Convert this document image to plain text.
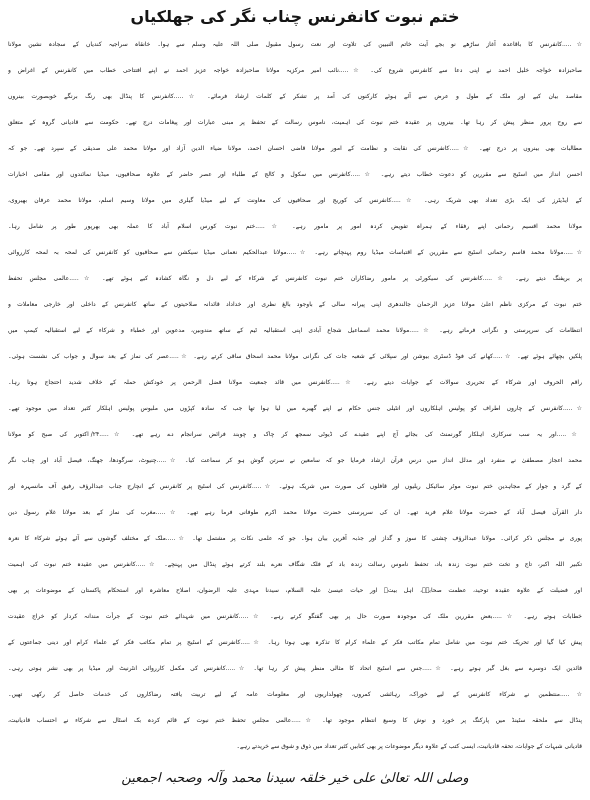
ختم نبوت کانفرنس چناب نگر کی جھلکیاں
☆.....کانفرنس کا باقاعدہ آغاز ساڑھے نو بجے آیت خاتم النبیین کی تلاوت اور نعت رسول مقبول صلی اللہ علیہ وسلم سے ہوا۔ خانقاہ سراجیہ کندیاں کے سجادہ نشین مولانا
صاحبزادہ خواجہ خلیل احمد نے اپنی دعا سے کانفرنس شروع کی۔ ☆.....نائب امیر مرکزیہ مولانا صاحبزادہ خواجہ عزیز احمد نے اپنے افتتاحی خطاب میں کانفرنس کے اغراض و
مقاصد بیان کیے اور ملک کے طول و عرض سے آئے ہوئے کارکنوں کی آمد پر تشکر کے کلمات ارشاد فرمائے۔ ☆.....کانفرنس کا پنڈال بھی رنگ برنگے خوبصورت بینروں
سے روح پرور منظر پیش کر رہا تھا۔ بینروں پر عقیدہ ختم نبوت کی اہمیت، ناموس رسالت کے تحفظ پر مبنی عبارات اور پیغامات درج تھے۔ حکومت سے قادیانی گروہ کے متعلق
مطالبات بھی بینروں پر درج تھے۔ ☆.....کانفرنس کی نقابت و نظامت کے امور مولانا قاضی احسان احمد، مولانا ضیاء الدین آزاد اور مولانا محمد علی صدیقی کے سپرد تھے۔ جو کہ
احسن انداز میں اسٹیج سے مقررین کو دعوت خطاب دیتے رہے۔ ☆.....کانفرنس میں سکول و کالج کے طلباء اور عصر حاضر کے علاوہ صحافیوں، میڈیا نمائندوں اور مقامی اخبارات
کے ایڈیٹرز کی ایک بڑی تعداد بھی شریک رہی۔ ☆.....کانفرنس کی کوریج اور صحافیوں کی معاونت کے لیے میڈیا گیلری میں مولانا وسیم اسلم، مولانا محمد عرفان بھیروی،
مولانا محمد اقسیم رحمانی اپنے رفقاء کے ہمراہ تفویض کردہ امور پر مامور رہے۔ ☆.....ختم نبوت کورس اسلام آباد کا عملہ بھی بھرپور طور پر شامل رہا۔
☆.....مولانا محمد قاسم رحمانی اسٹیج سے مقررین کے اقتباسات میڈیا روم پہنچاتے رہے۔ ☆.....مولانا عبدالحکیم نعمانی میڈیا سیکشن سے صحافیوں کو کانفرنس کی لمحہ بہ لمحہ کارروائی
پر بریفنگ دیتے رہے۔ ☆.....کانفرنس کی سیکورٹی پر مامور رضاکاران ختم نبوت کانفرنس کے شرکاء کے لیے دل و نگاہ کشادہ کیے ہوئے تھے۔ ☆.....عالمی مجلس تحفظ
ختم نبوت کے مرکزی ناظم اعلیٰ مولانا عزیز الرحمان جالندھری اپنی پیرانہ سالی کے باوجود بالغ نظری اور خداداد قائدانہ صلاحیتوں کے ساتھ کانفرنس کے داخلی اور خارجی معاملات و
انتظامات کی سرپرستی و نگرانی فرماتے رہے۔ ☆.....مولانا محمد اسماعیل شجاع آبادی اپنی استقبالیہ ٹیم کے ساتھ مندوبین، مدعوین اور خطباء و شرکاء کے لیے استقبالیہ کیمپ میں
پلکیں بچھائے ہوئے تھے۔ ☆.....کھانے کی فوڈ ڈسٹری بیوشن اور سپلائی کے شعبہ جات کی نگرانی مولانا محمد اسحاق ساقی کرتے رہے۔ ☆.....عصر کی نماز کے بعد سوال و جواب کی نشست ہوئی۔
راقم الحروف اور شرکاء کے تحریری سوالات کے جوابات دیتے رہے۔ ☆.....کانفرنس میں قائد جمعیت مولانا فضل الرحمن پر خودکش حملہ کے خلاف شدید احتجاج ہوتا رہا۔
☆.....کانفرنس کے چاروں اطراف کو پولیس اہلکاروں اور انٹیلی جنس حکام نے اپنے گھیرے میں لیا ہوا تھا جب کہ سادہ کپڑوں میں ملبوس پولیس اہلکار کثیر تعداد میں موجود تھے۔
☆.....اور یہ سب سرکاری اہلکار گورنمنٹ کی بجائے آج اپنے عقیدے کی ڈیوٹی سمجھ کر چاک و چوبند فرائض سرانجام دے رہے تھے۔ ☆.....۲۴/ اکتوبر کی صبح کو مولانا
محمد اعجاز مصطفیٰ نے منفرد اور مدلل انداز میں درس قرآن ارشاد فرمایا جو کہ سامعین نے سرتن گوش ہو کر سماعت کیا۔ ☆.....چنیوٹ، سرگودھا، جھنگ، فیصل آباد اور چناب نگر
کے گرد و جوار کے مجاہدین ختم نبوت موٹر سائیکل ریلیوں اور قافلوں کی صورت میں شریک ہوئے۔ ☆.....کانفرنس کی اسٹیج پر کانفرنس کے انچارج جناب عبدالرؤف رفیق آف مانسہرہ اور
دار القرآن فیصل آباد کے حضرت مولانا غلام فرید تھے۔ ان کی سرپرستی حضرت مولانا محمد اکرم طوفانی فرما رہے تھے۔ ☆.....مغرب کی نماز کے بعد مولانا غلام رسول دین
پوری نے مجلس ذکر کرائی۔ مولانا عبدالرؤف چشتی کا سوز و گداز اور جذبہ آفرین بیان ہوا۔ جو کہ علمی نکات پر مشتمل تھا۔ ☆.....ملک کے مختلف گوشوں سے آئے ہوئے شرکاء کا نعرہ
تکبیر اللہ اکبر، تاج و تخت ختم نبوت زندہ باد، تحفظ ناموس رسالت زندہ باد کے فلک شگاف نعرے بلند کرتے ہوئے پنڈال میں پہنچے۔ ☆.....کانفرنس میں عقیدہ ختم نبوت کی اہمیت
اور فضیلت کے علاوہ عقیدہ توحید، عظمت صحابہؓ، اہل بیتؓ اور حیات عیسیٰ علیہ السلام، سیدنا مہدی علیہ الرضوان، اصلاح معاشرہ اور استحکام پاکستان کے موضوعات پر بھی
خطابات ہوتے رہے۔ ☆.....بعض مقررین ملک کی موجودہ صورت حال پر بھی گفتگو کرتے رہے۔ ☆.....کانفرنس میں شہدائے ختم نبوت کے جرأت مندانہ کردار کو خراج عقیدت
پیش کیا گیا اور تحریک ختم نبوت میں شامل تمام مکاتب فکر کے علماء کرام کا تذکرہ بھی ہوتا رہا۔ ☆.....کانفرنس کے اسٹیج پر تمام مکاتب فکر کے علماء کرام اور دینی جماعتوں کے
قائدین ایک دوسرے سے بغل گیر ہوتے رہے۔ ☆.....جس سے اسٹیج اتحاد کا مثالی منظر پیش کر رہا تھا۔ ☆.....کانفرنس کی مکمل کارروائی انٹرنیٹ اور میڈیا پر بھی نشر ہوتی رہی۔
☆.....منتظمین نے شرکاء کانفرنس کے لیے خوراک، رہائشی کمروں، چھولداریوں اور معلومات عامہ کے لیے تربیت یافتہ رضاکاروں کی خدمات حاصل کر رکھی تھیں۔
پنڈال سے ملحقہ سٹینڈ میں پارکنگ پر خورد و نوش کا وسیع انتظام موجود تھا۔ ☆.....عالمی مجلس تحفظ ختم نبوت کے قائم کردہ بک اسٹال سے شرکاء نے احتساب قادیانیت،
قادیانی شبہات کے جوابات، تحفہ قادیانیت، ایسی کتب کے علاوہ دیگر موضوعات پر بھی کتابیں کثیر تعداد میں ذوق و شوق سے خریدتے رہے۔
وصلی اللہ تعالیٰ علی خیر خلقہ سیدنا محمد وآلہ وصحبہ اجمعین
